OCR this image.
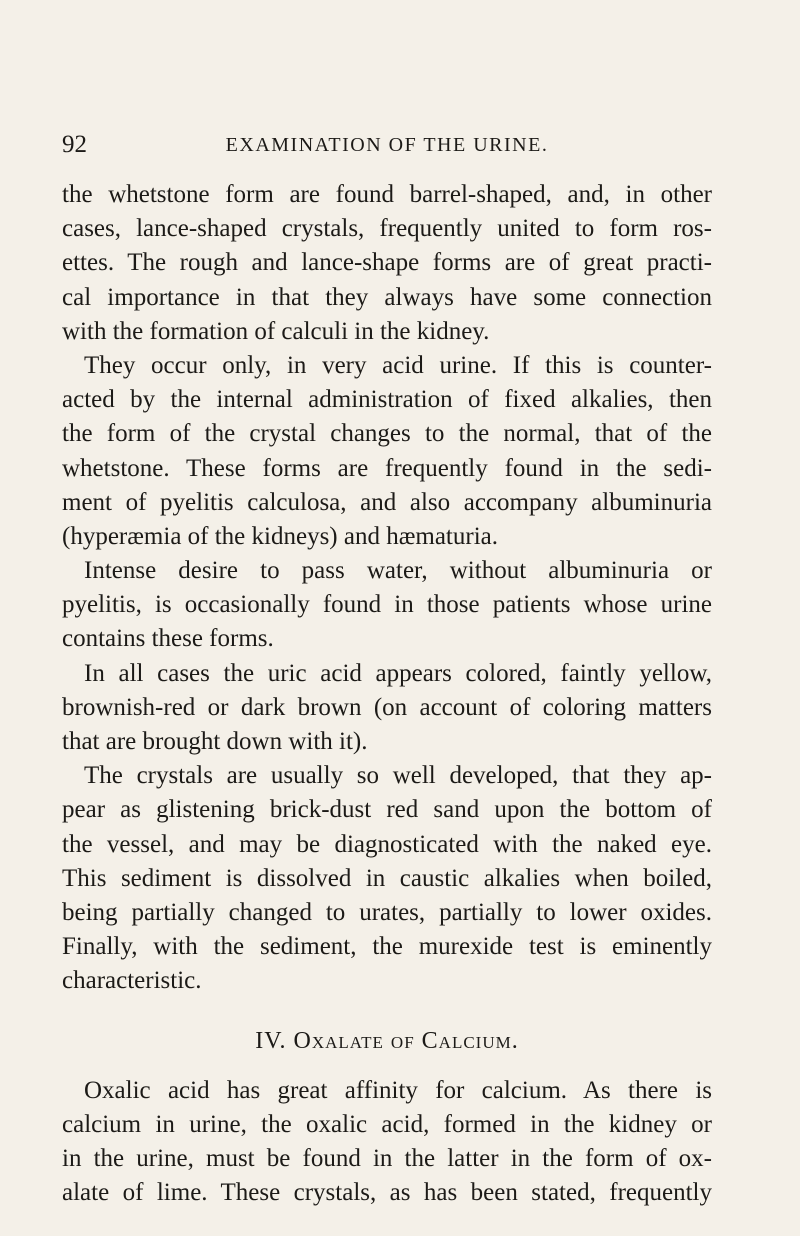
92	EXAMINATION OF THE URINE.
the whetstone form are found barrel-shaped, and, in other
cases, lance-shaped crystals, frequently united to form ros-
ettes. The rough and lance-shape forms are of great practi-
cal importance in that they always have some connection
with the formation of calculi in the kidney.
They occur only, in very acid urine. If this is counter-
acted by the internal administration of fixed alkalies, then
the form of the crystal changes to the normal, that of the
whetstone. These forms are frequently found in the sedi-
ment of pyelitis calculosa, and also accompany albuminuria
(hyperæmia of the kidneys) and hæmaturia.
Intense desire to pass water, without albuminuria or
pyelitis, is occasionally found in those patients whose urine
contains these forms.
In all cases the uric acid appears colored, faintly yellow,
brownish-red or dark brown (on account of coloring matters
that are brought down with it).
The crystals are usually so well developed, that they ap-
pear as glistening brick-dust red sand upon the bottom of
the vessel, and may be diagnosticated with the naked eye.
This sediment is dissolved in caustic alkalies when boiled,
being partially changed to urates, partially to lower oxides.
Finally, with the sediment, the murexide test is eminently
characteristic.
IV. Oxalate of Calcium.
Oxalic acid has great affinity for calcium. As there is
calcium in urine, the oxalic acid, formed in the kidney or
in the urine, must be found in the latter in the form of ox-
alate of lime. These crystals, as has been stated, frequently
